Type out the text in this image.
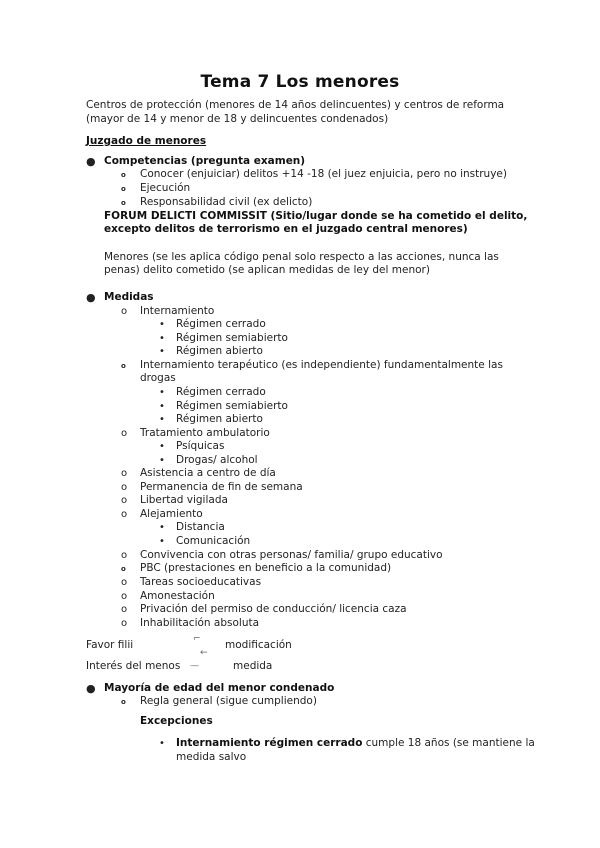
Tema 7 Los menores
Centros de protección (menores de 14 años delincuentes) y centros de reforma
(mayor de 14 y menor de 18 y delincuentes condenados)
Juzgado de menores
● Competencias (pregunta examen)
o Conocer (enjuiciar) delitos +14 -18 (el juez enjuicia, pero no instruye)
o Ejecución
o Responsabilidad civil (ex delicto)
FORUM DELICTI COMMISSIT (Sitio/lugar donde se ha cometido el delito,
excepto delitos de terrorismo en el juzgado central menores)
Menores (se les aplica código penal solo respecto a las acciones, nunca las
penas) delito cometido (se aplican medidas de ley del menor)
● Medidas
o Internamiento
• Régimen cerrado
• Régimen semiabierto
• Régimen abierto
o Internamiento terapéutico (es independiente) fundamentalmente las
drogas
• Régimen cerrado
• Régimen semiabierto
• Régimen abierto
o Tratamiento ambulatorio
• Psíquicas
• Drogas/ alcohol
o Asistencia a centro de día
o Permanencia de fin de semana
o Libertad vigilada
o Alejamiento
• Distancia
• Comunicación
o Convivencia con otras personas/ familia/ grupo educativo
o PBC (prestaciones en beneficio a la comunidad)
o Tareas socioeducativas
o Amonestación
o Privación del permiso de conducción/ licencia caza
o Inhabilitación absoluta
Favor filii	⌐
←
modificación
Interés del menos —	medida
● Mayoría de edad del menor condenado
o Regla general (sigue cumpliendo)
Excepciones
• Internamiento régimen cerrado cumple 18 años (se mantiene la
medida salvo
